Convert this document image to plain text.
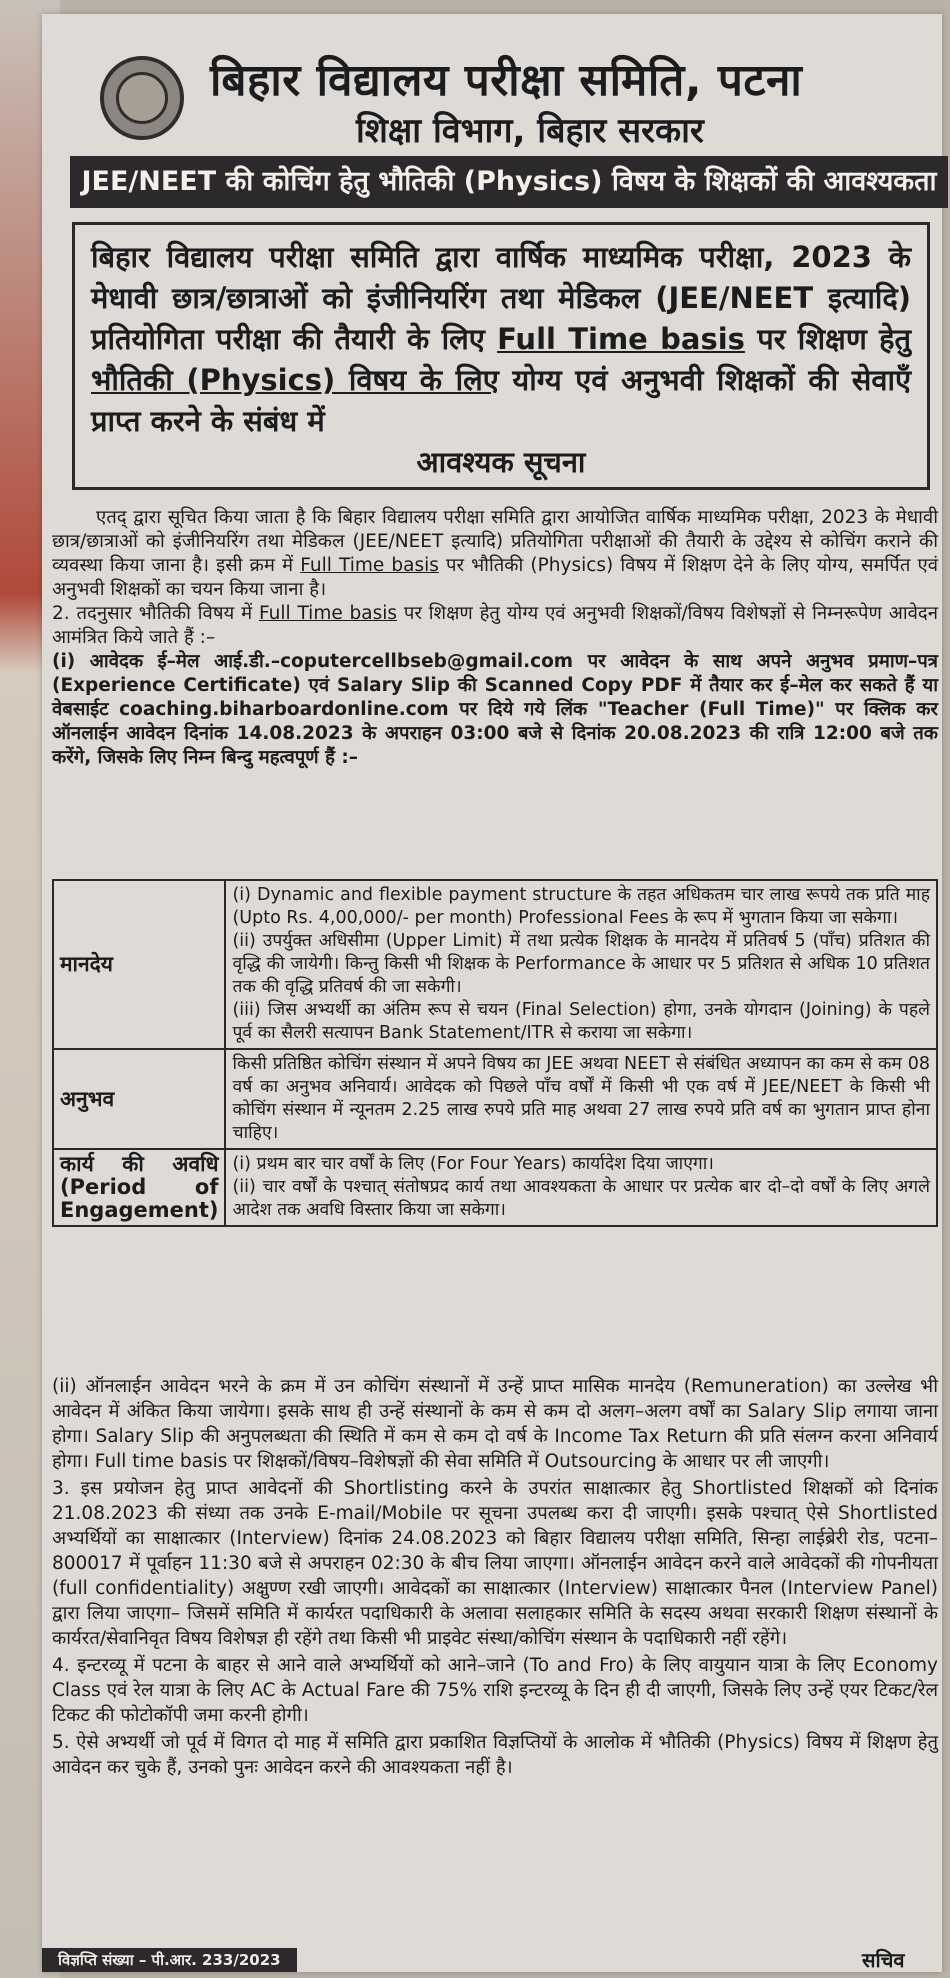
बिहार विद्यालय परीक्षा समिति, पटना
शिक्षा विभाग, बिहार सरकार
JEE/NEET की कोचिंग हेतु भौतिकी (Physics) विषय के शिक्षकों की आवश्यकता
बिहार विद्यालय परीक्षा समिति द्वारा वार्षिक माध्यमिक परीक्षा, 2023 के मेधावी छात्र/छात्राओं को इंजीनियरिंग तथा मेडिकल (JEE/NEET इत्यादि) प्रतियोगिता परीक्षा की तैयारी के लिए Full Time basis पर शिक्षण हेतु भौतिकी (Physics) विषय के लिए योग्य एवं अनुभवी शिक्षकों की सेवाएँ प्राप्त करने के संबंध में
आवश्यक सूचना

एतद् द्वारा सूचित किया जाता है कि बिहार विद्यालय परीक्षा समिति द्वारा आयोजित वार्षिक माध्यमिक परीक्षा, 2023 के मेधावी छात्र/छात्राओं को इंजीनियरिंग तथा मेडिकल (JEE/NEET इत्यादि) प्रतियोगिता परीक्षाओं की तैयारी के उद्देश्य से कोचिंग कराने की व्यवस्था किया जाना है। इसी क्रम में Full Time basis पर भौतिकी (Physics) विषय में शिक्षण देने के लिए योग्य, समर्पित एवं अनुभवी शिक्षकों का चयन किया जाना है।

2. तदनुसार भौतिकी विषय में Full Time basis पर शिक्षण हेतु योग्य एवं अनुभवी शिक्षकों/विषय विशेषज्ञों से निम्नरूपेण आवेदन आमंत्रित किये जाते हैं :–

(i) आवेदक ई–मेल आई.डी.–coputercellbseb@gmail.com पर आवेदन के साथ अपने अनुभव प्रमाण–पत्र (Experience Certificate) एवं Salary Slip की Scanned Copy PDF में तैयार कर ई–मेल कर सकते हैं या वेबसाईट coaching.biharboardonline.com पर दिये गये लिंक "Teacher (Full Time)" पर क्लिक कर ऑनलाईन आवेदन दिनांक 14.08.2023 के अपराहन 03:00 बजे से दिनांक 20.08.2023 की रात्रि 12:00 बजे तक करेंगे, जिसके लिए निम्न बिन्दु महत्वपूर्ण हैं :–

मानदेय	(i) Dynamic and flexible payment structure के तहत अधिकतम चार लाख रूपये तक प्रति माह (Upto Rs. 4,00,000/- per month) Professional Fees के रूप में भुगतान किया जा सकेगा।
(ii) उपर्युक्त अधिसीमा (Upper Limit) में तथा प्रत्येक शिक्षक के मानदेय में प्रतिवर्ष 5 (पाँच) प्रतिशत की वृद्धि की जायेगी। किन्तु किसी भी शिक्षक के Performance के आधार पर 5 प्रतिशत से अधिक 10 प्रतिशत तक की वृद्धि प्रतिवर्ष की जा सकेगी।
(iii) जिस अभ्यर्थी का अंतिम रूप से चयन (Final Selection) होगा, उनके योगदान (Joining) के पहले पूर्व का सैलरी सत्यापन Bank Statement/ITR से कराया जा सकेगा।

अनुभव	किसी प्रतिष्ठित कोचिंग संस्थान में अपने विषय का JEE अथवा NEET से संबंधित अध्यापन का कम से कम 08 वर्ष का अनुभव अनिवार्य। आवेदक को पिछले पाँच वर्षों में किसी भी एक वर्ष में JEE/NEET के किसी भी कोचिंग संस्थान में न्यूनतम 2.25 लाख रुपये प्रति माह अथवा 27 लाख रुपये प्रति वर्ष का भुगतान प्राप्त होना चाहिए।

कार्य की अवधि (Period of Engagement)	(i) प्रथम बार चार वर्षों के लिए (For Four Years) कार्यादेश दिया जाएगा।
(ii) चार वर्षों के पश्चात् संतोषप्रद कार्य तथा आवश्यकता के आधार पर प्रत्येक बार दो–दो वर्षों के लिए अगले आदेश तक अवधि विस्तार किया जा सकेगा।

(ii) ऑनलाईन आवेदन भरने के क्रम में उन कोचिंग संस्थानों में उन्हें प्राप्त मासिक मानदेय (Remuneration) का उल्लेख भी आवेदन में अंकित किया जायेगा। इसके साथ ही उन्हें संस्थानों के कम से कम दो अलग–अलग वर्षों का Salary Slip लगाया जाना होगा। Salary Slip की अनुपलब्धता की स्थिति में कम से कम दो वर्ष के Income Tax Return की प्रति संलग्न करना अनिवार्य होगा। Full time basis पर शिक्षकों/विषय–विशेषज्ञों की सेवा समिति में Outsourcing के आधार पर ली जाएगी।

3. इस प्रयोजन हेतु प्राप्त आवेदनों की Shortlisting करने के उपरांत साक्षात्कार हेतु Shortlisted शिक्षकों को दिनांक 21.08.2023 की संध्या तक उनके E-mail/Mobile पर सूचना उपलब्ध करा दी जाएगी। इसके पश्चात् ऐसे Shortlisted अभ्यर्थियों का साक्षात्कार (Interview) दिनांक 24.08.2023 को बिहार विद्यालय परीक्षा समिति, सिन्हा लाईब्रेरी रोड, पटना–800017 में पूर्वाहन 11:30 बजे से अपराहन 02:30 के बीच लिया जाएगा। ऑनलाईन आवेदन करने वाले आवेदकों की गोपनीयता (full confidentiality) अक्षुण्ण रखी जाएगी। आवेदकों का साक्षात्कार (Interview) साक्षात्कार पैनल (Interview Panel) द्वारा लिया जाएगा– जिसमें समिति में कार्यरत पदाधिकारी के अलावा सलाहकार समिति के सदस्य अथवा सरकारी शिक्षण संस्थानों के कार्यरत/सेवानिवृत विषय विशेषज्ञ ही रहेंगे तथा किसी भी प्राइवेट संस्था/कोचिंग संस्थान के पदाधिकारी नहीं रहेंगे।

4. इन्टरव्यू में पटना के बाहर से आने वाले अभ्यर्थियों को आने–जाने (To and Fro) के लिए वायुयान यात्रा के लिए Economy Class एवं रेल यात्रा के लिए AC के Actual Fare की 75% राशि इन्टरव्यू के दिन ही दी जाएगी, जिसके लिए उन्हें एयर टिकट/रेल टिकट की फोटोकॉपी जमा करनी होगी।

5. ऐसे अभ्यर्थी जो पूर्व में विगत दो माह में समिति द्वारा प्रकाशित विज्ञप्तियों के आलोक में भौतिकी (Physics) विषय में शिक्षण हेतु आवेदन कर चुके हैं, उनको पुनः आवेदन करने की आवश्यकता नहीं है।

विज्ञप्ति संख्या – पी.आर. 233/2023	सचिव
